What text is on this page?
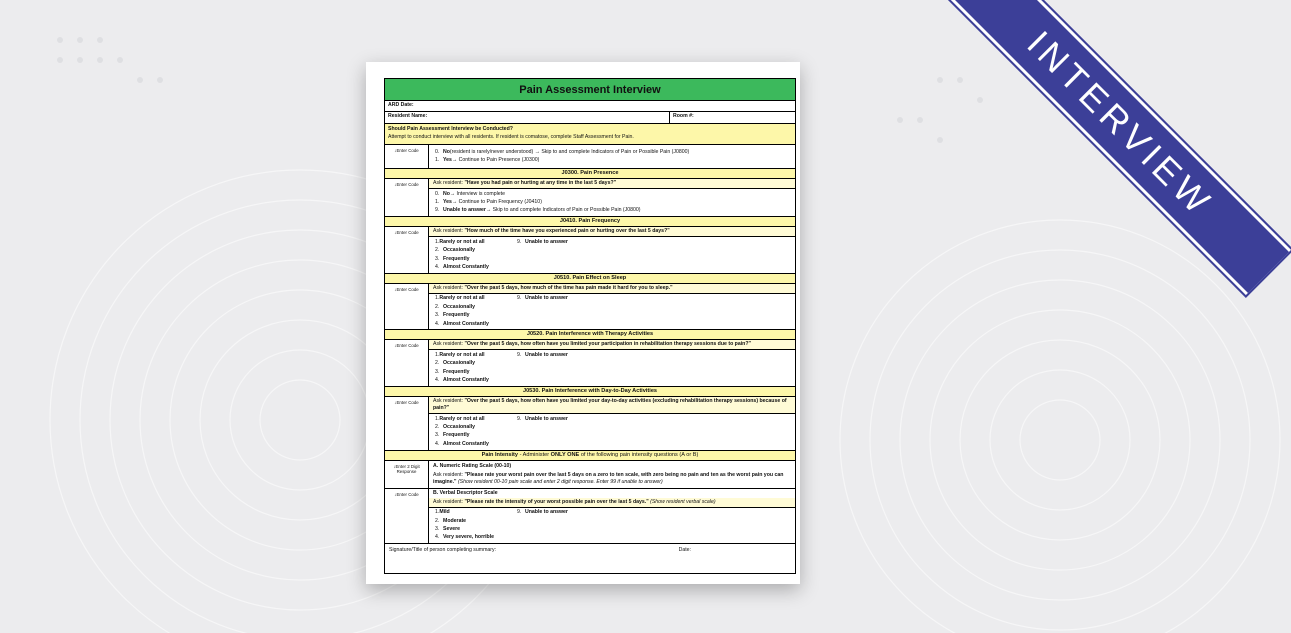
INTERVIEW
Pain Assessment Interview
ARD Date:
Resident Name:	Room #:
Should Pain Assessment Interview be Conducted?
Attempt to conduct interview with all residents. If resident is comatose, complete Staff Assessment for Pain.
↓Enter Code	0. No (resident is rarely/never understood) → Skip to and complete Indicators of Pain or Possible Pain (J0800)
1. Yes → Continue to Pain Presence (J0300)
J0300. Pain Presence
↓Enter Code	Ask resident: "Have you had pain or hurting at any time in the last 5 days?"
0. No → Interview is complete
1. Yes → Continue to Pain Frequency (J0410)
9. Unable to answer → Skip to and complete Indicators of Pain or Possible Pain (J0800)
J0410. Pain Frequency
↓Enter Code	Ask resident: "How much of the time have you experienced pain or hurting over the last 5 days?"
1.Rarely or not at all	9. Unable to answer
2. Occasionally
3. Frequently
4. Almost Constantly
J0510. Pain Effect on Sleep
↓Enter Code	Ask resident: "Over the past 5 days, how much of the time has pain made it hard for you to sleep."
1.Rarely or not at all	9. Unable to answer
2. Occasionally
3. Frequently
4. Almost Constantly
J0520. Pain Interference with Therapy Activities
↓Enter Code	Ask resident: "Over the past 5 days, how often have you limited your participation in rehabilitation therapy sessions due to pain?"
1.Rarely or not at all	9. Unable to answer
2. Occasionally
3. Frequently
4. Almost Constantly
J0530. Pain Interference with Day-to-Day Activities
↓Enter Code	Ask resident: "Over the past 5 days, how often have you limited your day-to-day activities (excluding rehabilitation therapy sessions) because of pain?"
1.Rarely or not at all	9. Unable to answer
2. Occasionally
3. Frequently
4. Almost Constantly
Pain Intensity - Administer ONLY ONE of the following pain intensity questions (A or B)
↓Enter 2 Digit Response
A. Numeric Rating Scale (00-10)
Ask resident: "Please rate your worst pain over the last 5 days on a zero to ten scale, with zero being no pain and ten as the worst pain you can imagine." (Show resident 00-10 pain scale and enter 2 digit response. Enter 99 if unable to answer)
↓Enter Code	B. Verbal Descriptor Scale
Ask resident: "Please rate the intensity of your worst possible pain over the last 5 days." (Show resident verbal scale)
1.Mild	9. Unable to answer
2. Moderate
3. Severe
4. Very severe, horrible
Signature/Title of person completing summary:	Date:
